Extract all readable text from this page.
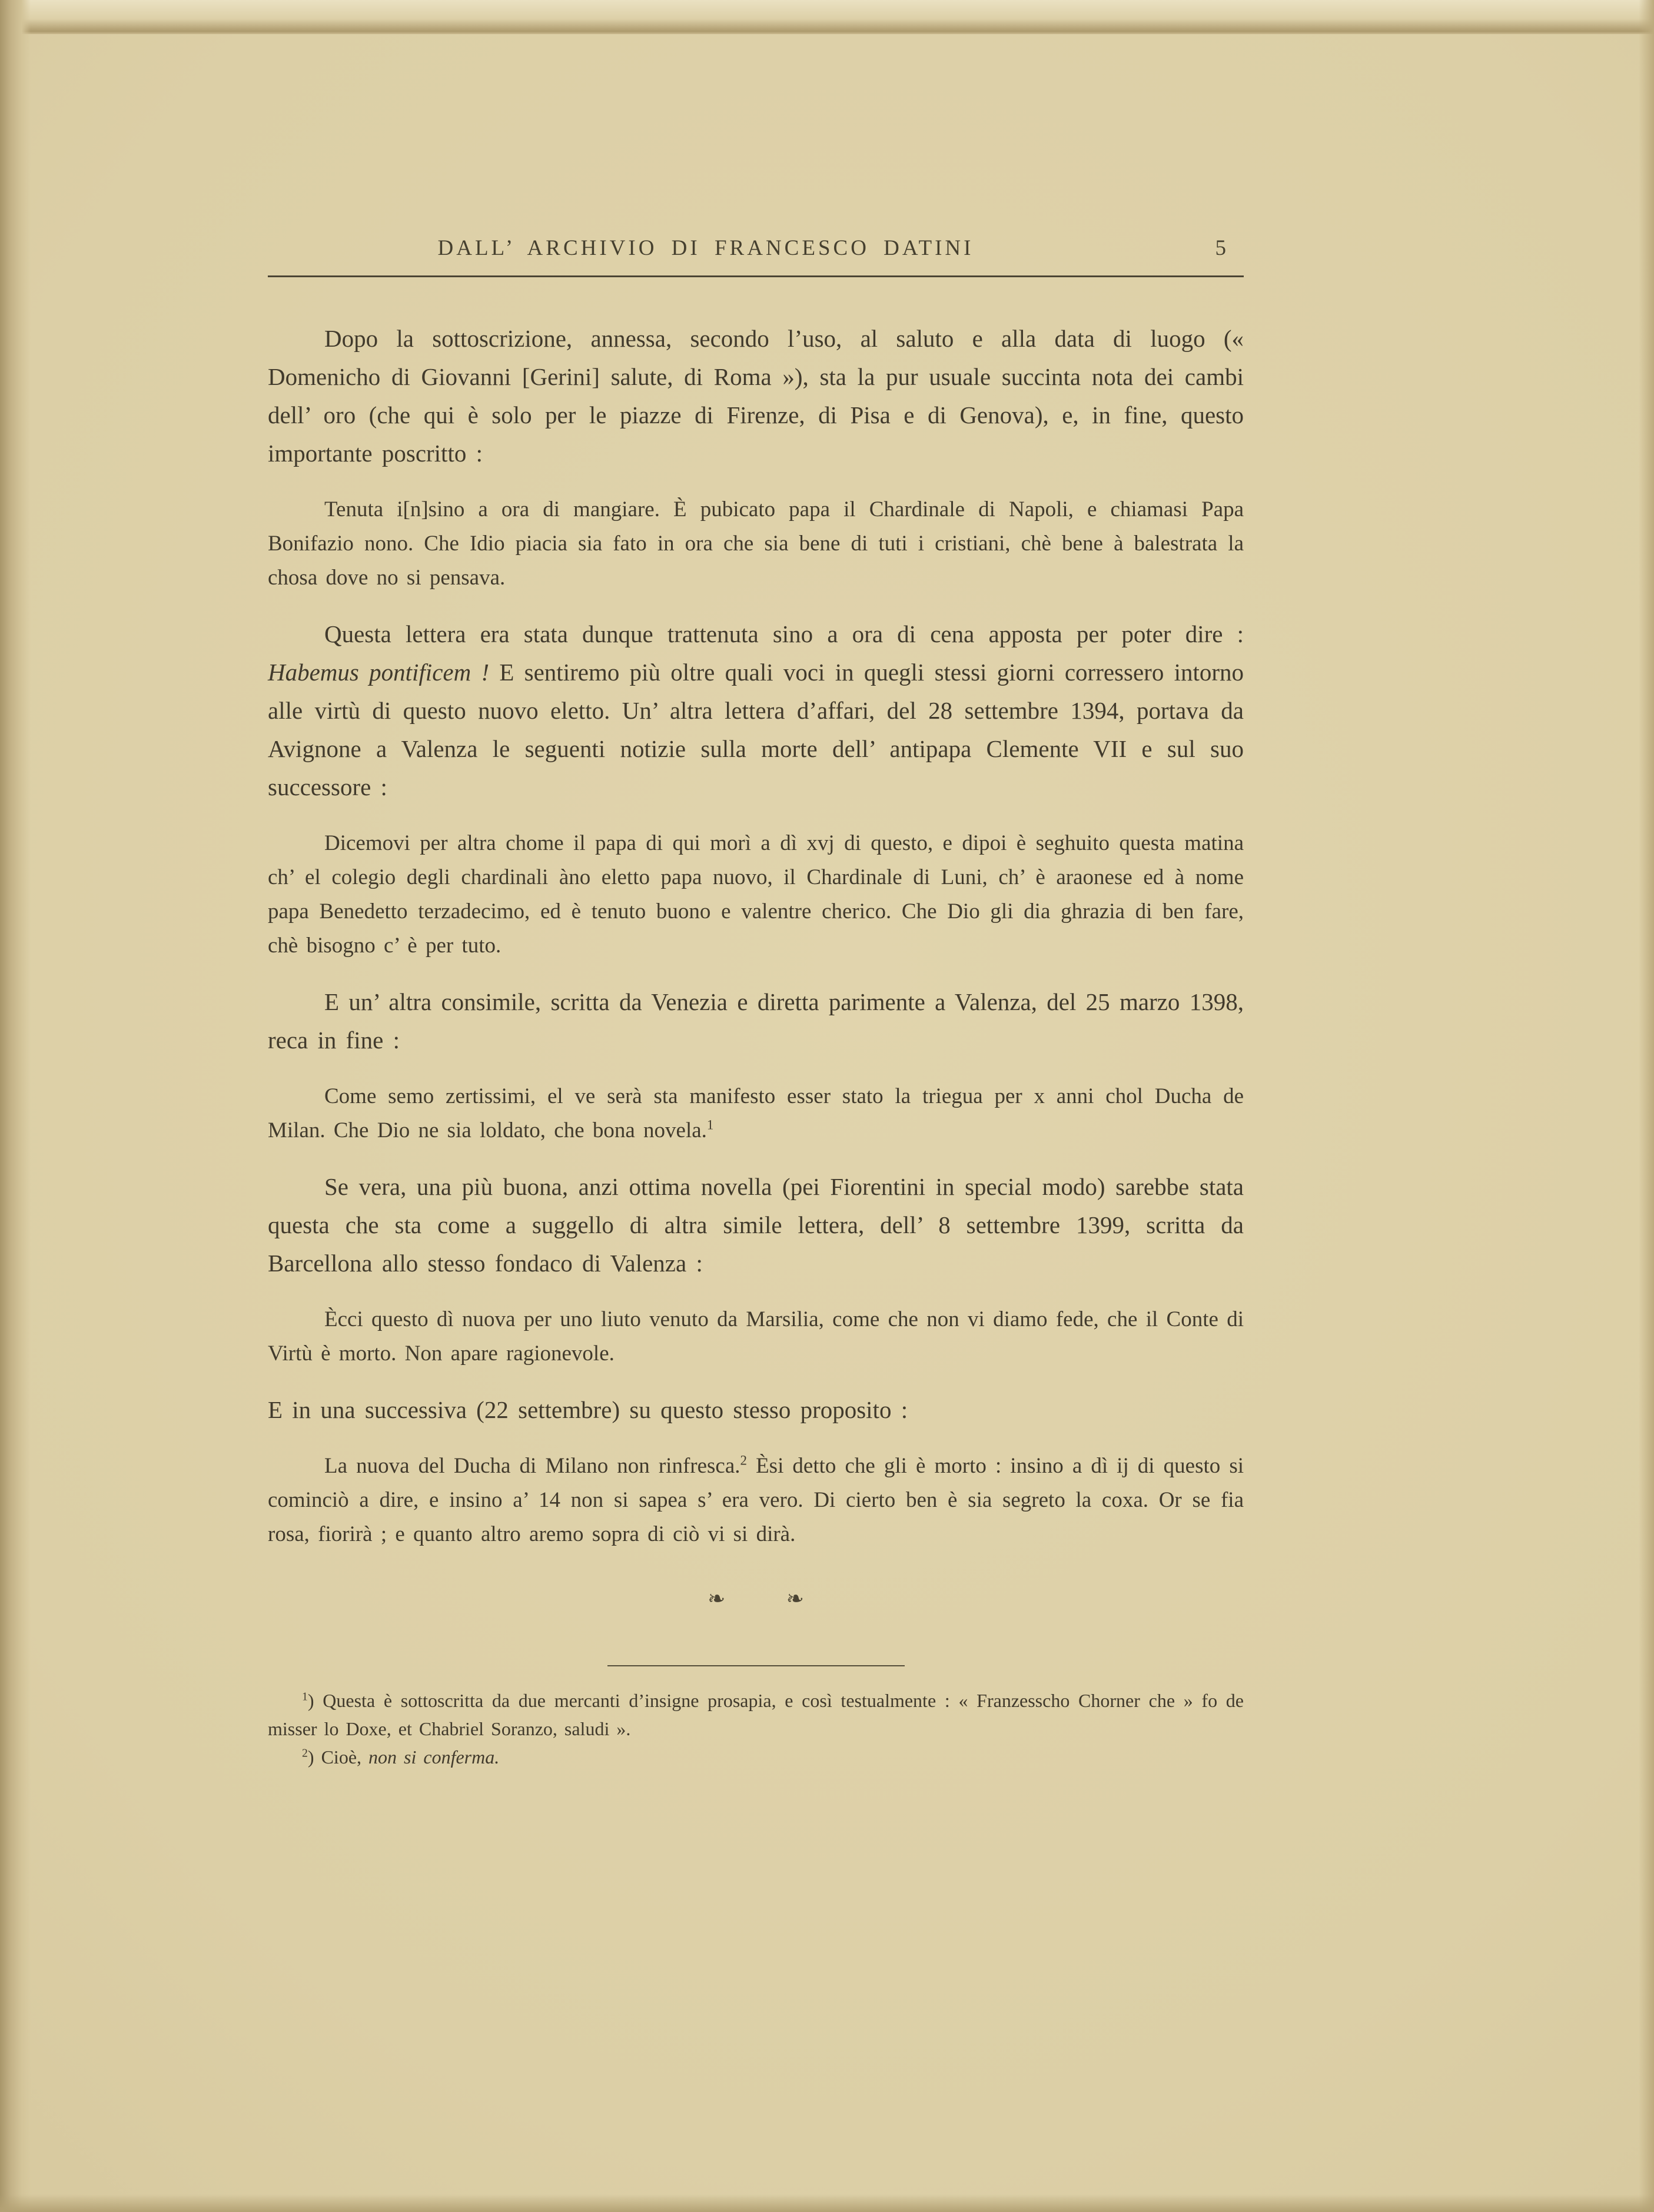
DALL’ ARCHIVIO DI FRANCESCO DATINI	5

Dopo la sottoscrizione, annessa, secondo l’uso, al saluto e alla data di luogo (« Domenicho di Giovanni [Gerini] salute, di Roma »), sta la pur usuale succinta nota dei cambi dell’ oro (che qui è solo per le piazze di Firenze, di Pisa e di Genova), e, in fine, questo importante poscritto :

Tenuta i[n]sino a ora di mangiare. È pubicato papa il Chardinale di Napoli, e chiamasi Papa Bonifazio nono. Che Idio piacia sia fato in ora che sia bene di tuti i cristiani, chè bene à balestrata la chosa dove no si pensava.

Questa lettera era stata dunque trattenuta sino a ora di cena apposta per poter dire : Habemus pontificem ! E sentiremo più oltre quali voci in quegli stessi giorni corressero intorno alle virtù di questo nuovo eletto. Un’ altra lettera d’affari, del 28 settembre 1394, portava da Avignone a Valenza le seguenti notizie sulla morte dell’ antipapa Clemente VII e sul suo successore :

Dicemovi per altra chome il papa di qui morì a dì xvj di questo, e dipoi è seghuito questa matina ch’ el colegio degli chardinali àno eletto papa nuovo, il Chardinale di Luni, ch’ è araonese ed à nome papa Benedetto terzadecimo, ed è tenuto buono e valentre cherico. Che Dio gli dia ghrazia di ben fare, chè bisogno c’ è per tuto.

E un’ altra consimile, scritta da Venezia e diretta parimente a Valenza, del 25 marzo 1398, reca in fine :

Come semo zertissimi, el ve serà sta manifesto esser stato la triegua per x anni chol Ducha de Milan. Che Dio ne sia loldato, che bona novela.$^1$

Se vera, una più buona, anzi ottima novella (pei Fiorentini in special modo) sarebbe stata questa che sta come a suggello di altra simile lettera, dell’ 8 settembre 1399, scritta da Barcellona allo stesso fondaco di Valenza :

Ècci questo dì nuova per uno liuto venuto da Marsilia, come che non vi diamo fede, che il Conte di Virtù è morto. Non apare ragionevole.

E in una successiva (22 settembre) su questo stesso proposito :

La nuova del Ducha di Milano non rinfresca.$^2$ Èsi detto che gli è morto : insino a dì ij di questo si cominciò a dire, e insino a’ 14 non si sapea s’ era vero. Di cierto ben è sia segreto la coxa. Or se fia rosa, fiorirà ; e quanto altro aremo sopra di ciò vi si dirà.

❧ ❧

$^1$) Questa è sottoscritta da due mercanti d’insigne prosapia, e così testualmente : « Franzesscho Chorner che » fo de misser lo Doxe, et Chabriel Soranzo, saludi ».

$^2$) Cioè, non si conferma.
